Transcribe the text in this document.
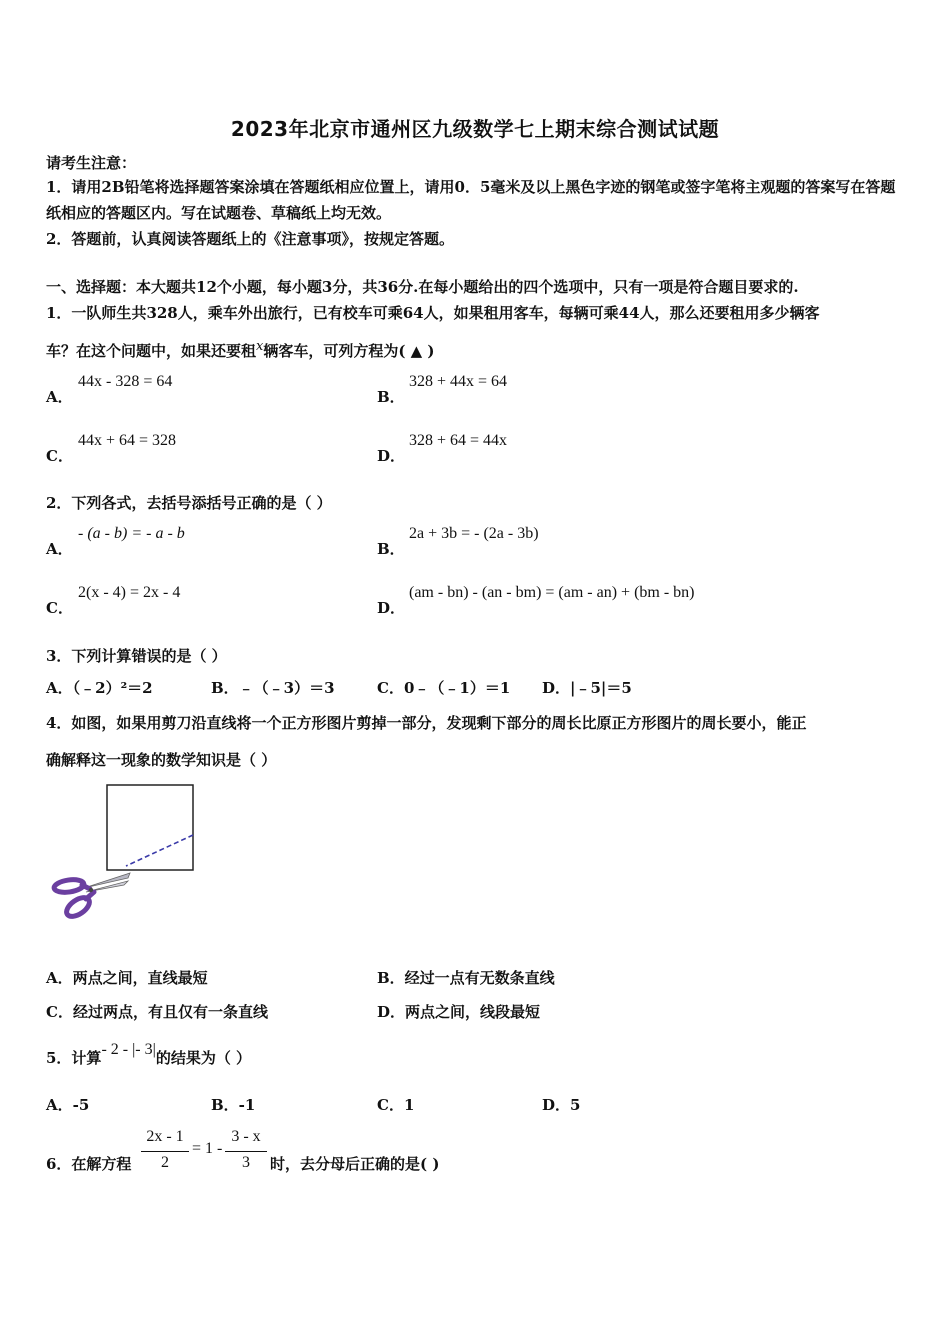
2023年北京市通州区九级数学七上期末综合测试试题
请考生注意：
1．请用2B铅笔将选择题答案涂填在答题纸相应位置上，请用0．5毫米及以上黑色字迹的钢笔或签字笔将主观题的答案写在答题纸相应的答题区内。写在试题卷、草稿纸上均无效。
2．答题前，认真阅读答题纸上的《注意事项》，按规定答题。
一、选择题：本大题共12个小题，每小题3分，共36分.在每小题给出的四个选项中，只有一项是符合题目要求的.
1．一队师生共328人，乘车外出旅行，已有校车可乘64人，如果租用客车，每辆可乘44人，那么还要租用多少辆客
车？在这个问题中，如果还要租x辆客车，可列方程为( ▲ )
A．
44x - 328 = 64
B．
328 + 44x = 64
C．
44x + 64 = 328
D．
328 + 64 = 44x
2．下列各式，去括号添括号正确的是（ ）
A．
- (a - b) = - a - b
B．
2a + 3b = - (2a - 3b)
C．
2(x - 4) = 2x - 4
D．
(am - bn) - (an - bm) = (am - an) + (bm - bn)
3．下列计算错误的是（ ）
A．（﹣2）²＝2	B．﹣（﹣3）＝3	C．0﹣（﹣1）＝1 D．|﹣5|＝5
4．如图，如果用剪刀沿直线将一个正方形图片剪掉一部分，发现剩下部分的周长比原正方形图片的周长要小，能正
确解释这一现象的数学知识是（ ）
A．两点之间，直线最短	B．经过一点有无数条直线
C．经过两点，有且仅有一条直线	D．两点之间，线段最短
5．计算- 2 - |- 3|的结果为（ ）
A．-5	B．-1	C．1	D．5
6．在解方程
2x - 1
2
= 1 -
3 - x
3	时，去分母后正确的是( )
